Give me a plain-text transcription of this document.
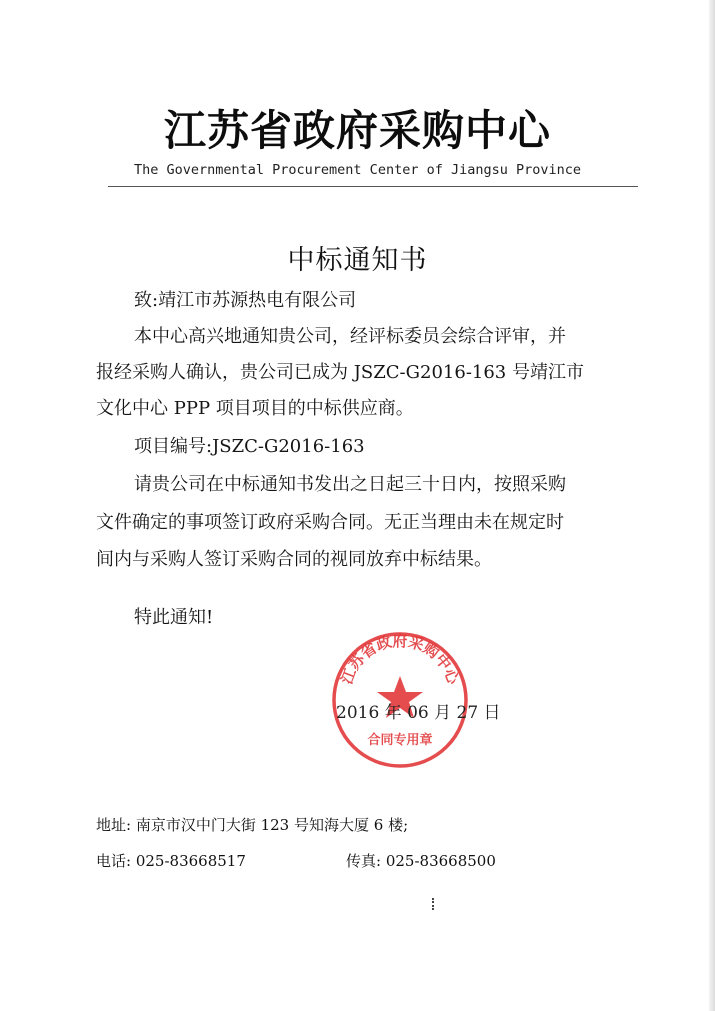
江苏省政府采购中心
The Governmental Procurement Center of Jiangsu Province
中标通知书
致:靖江市苏源热电有限公司
本中心高兴地通知贵公司，经评标委员会综合评审，并
报经采购人确认，贵公司已成为 JSZC-G2016-163 号靖江市
文化中心 PPP 项目项目的中标供应商。
项目编号:JSZC-G2016-163
请贵公司在中标通知书发出之日起三十日内，按照采购
文件确定的事项签订政府采购合同。无正当理由未在规定时
间内与采购人签订采购合同的视同放弃中标结果。
特此通知!
江苏省政府采购中心
合同专用章
2016 年 06 月 27 日
地址: 南京市汉中门大街 123 号知海大厦 6 楼;
电话: 025-83668517	传真: 025-83668500
